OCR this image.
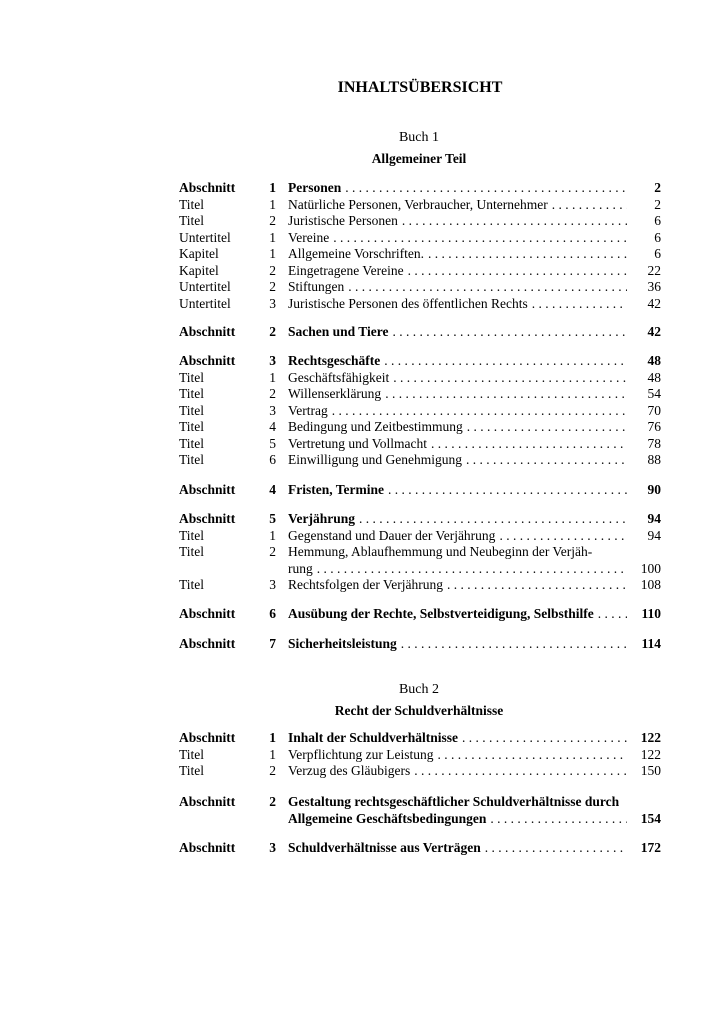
INHALTSÜBERSICHT
Buch 1
Allgemeiner Teil
Abschnitt	1 Personen . . .	2
Titel	1 Natürliche Personen, Verbraucher, Unternehmer . . .	2
Titel	2 Juristische Personen . . .	6
Untertitel	1 Vereine . . .	6
Kapitel	1 Allgemeine Vorschriften. . . .	6
Kapitel	2 Eingetragene Vereine . . .	22
Untertitel	2 Stiftungen . . .	36
Untertitel	3 Juristische Personen des öffentlichen Rechts . . .	42
Abschnitt	2 Sachen und Tiere . . .	42
Abschnitt	3 Rechtsgeschäfte . . .	48
Titel	1 Geschäftsfähigkeit . . .	48
Titel	2 Willenserklärung . . .	54
Titel	3 Vertrag . . .	70
Titel	4 Bedingung und Zeitbestimmung . . .	76
Titel	5 Vertretung und Vollmacht . . .	78
Titel	6 Einwilligung und Genehmigung . . .	88
Abschnitt	4 Fristen, Termine . . .	90
Abschnitt	5 Verjährung . . .	94
Titel	1 Gegenstand und Dauer der Verjährung . . .	94
Titel	2 Hemmung, Ablaufhemmung und Neubeginn der Verjäh-
rung . . .	100
Titel	3 Rechtsfolgen der Verjährung . . .	108
Abschnitt	6 Ausübung der Rechte, Selbstverteidigung, Selbsthilfe . . .	110
Abschnitt	7 Sicherheitsleistung . . .	114
Buch 2
Recht der Schuldverhältnisse
Abschnitt	1 Inhalt der Schuldverhältnisse . . .	122
Titel	1 Verpflichtung zur Leistung . . .	122
Titel	2 Verzug des Gläubigers . . .	150
Abschnitt	2 Gestaltung rechtsgeschäftlicher Schuldverhältnisse durch
Allgemeine Geschäftsbedingungen . . .	154
Abschnitt	3 Schuldverhältnisse aus Verträgen . . .	172
